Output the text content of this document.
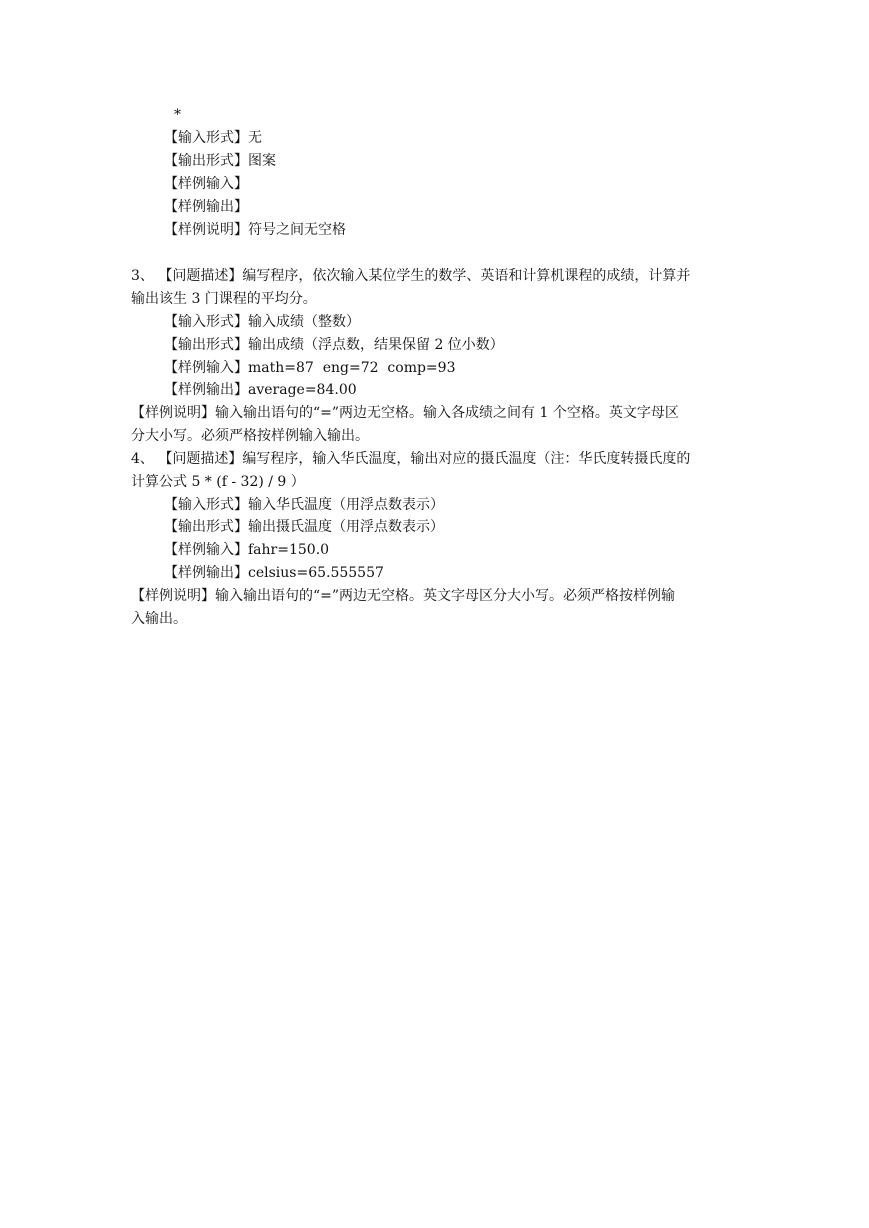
*
【输入形式】无
【输出形式】图案
【样例输入】
【样例输出】
【样例说明】符号之间无空格
3、 【问题描述】编写程序，依次输入某位学生的数学、英语和计算机课程的成绩，计算并
输出该生 3 门课程的平均分。
【输入形式】输入成绩（整数）
【输出形式】输出成绩（浮点数，结果保留 2 位小数）
【样例输入】math=87  eng=72  comp=93
【样例输出】average=84.00
【样例说明】输入输出语句的“=”两边无空格。输入各成绩之间有 1 个空格。英文字母区
分大小写。必须严格按样例输入输出。
4、 【问题描述】编写程序，输入华氏温度，输出对应的摄氏温度（注：华氏度转摄氏度的
计算公式 5 * (f - 32) / 9 ）
【输入形式】输入华氏温度（用浮点数表示）
【输出形式】输出摄氏温度（用浮点数表示）
【样例输入】fahr=150.0
【样例输出】celsius=65.555557
【样例说明】输入输出语句的“=”两边无空格。英文字母区分大小写。必须严格按样例输
入输出。
